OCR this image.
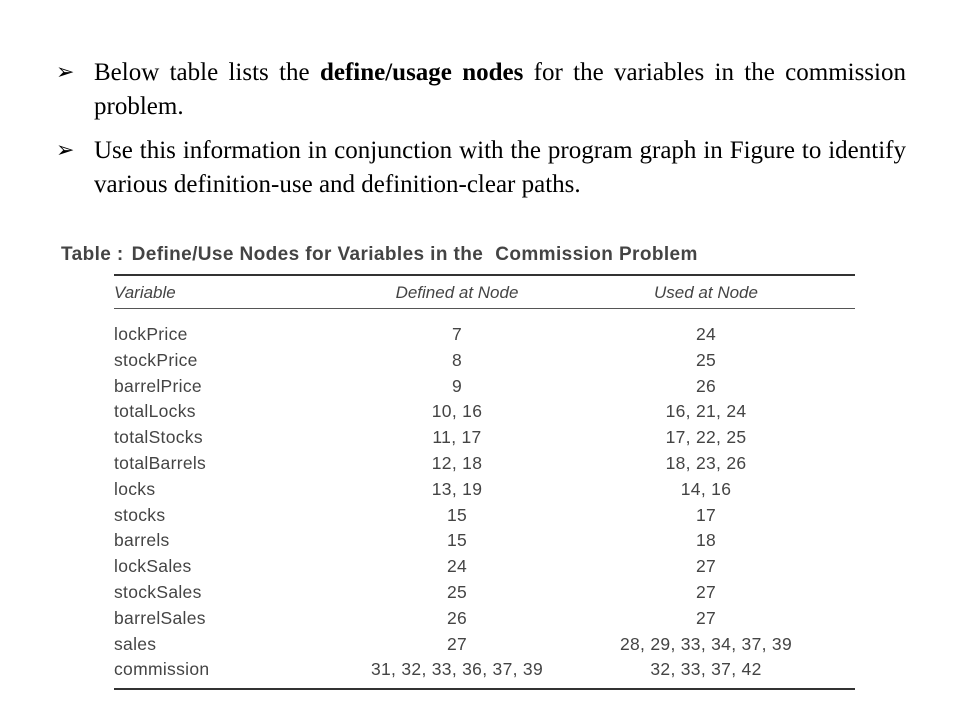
➢ Below table lists the define/usage nodes for the variables in the commission problem.
➢ Use this information in conjunction with the program graph in Figure to identify various definition-use and definition-clear paths.
Table : Define/Use Nodes for Variables in the Commission Problem
Variable	Defined at Node	Used at Node
lockPrice	7	24
stockPrice	8	25
barrelPrice	9	26
totalLocks	10, 16	16, 21, 24
totalStocks	11, 17	17, 22, 25
totalBarrels	12, 18	18, 23, 26
locks	13, 19	14, 16
stocks	15	17
barrels	15	18
lockSales	24	27
stockSales	25	27
barrelSales	26	27
sales	27	28, 29, 33, 34, 37, 39
commission	31, 32, 33, 36, 37, 39	32, 33, 37, 42
